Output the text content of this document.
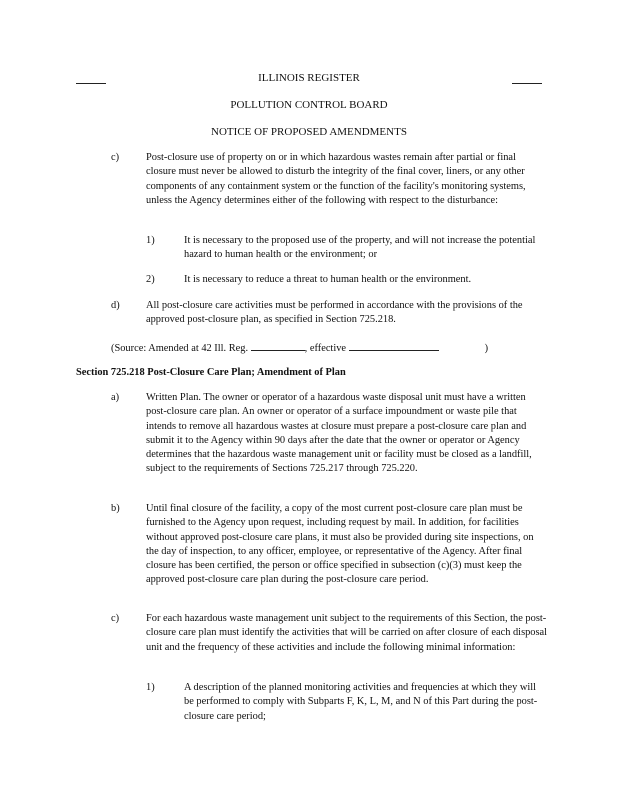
ILLINOIS REGISTER
POLLUTION CONTROL BOARD
NOTICE OF PROPOSED AMENDMENTS
c)	Post-closure use of property on or in which hazardous wastes remain after partial or final closure must never be allowed to disturb the integrity of the final cover, liners, or any other components of any containment system or the function of the facility's monitoring systems, unless the Agency determines either of the following with respect to the disturbance:
1)	It is necessary to the proposed use of the property, and will not increase the potential hazard to human health or the environment; or
2)	It is necessary to reduce a threat to human health or the environment.
d)	All post-closure care activities must be performed in accordance with the provisions of the approved post-closure plan, as specified in Section 725.218.
(Source: Amended at 42 Ill. Reg.	, effective	)
Section 725.218 Post-Closure Care Plan; Amendment of Plan
a)	Written Plan. The owner or operator of a hazardous waste disposal unit must have a written post-closure care plan. An owner or operator of a surface impoundment or waste pile that intends to remove all hazardous wastes at closure must prepare a post-closure care plan and submit it to the Agency within 90 days after the date that the owner or operator or Agency determines that the hazardous waste management unit or facility must be closed as a landfill, subject to the requirements of Sections 725.217 through 725.220.
b)	Until final closure of the facility, a copy of the most current post-closure care plan must be furnished to the Agency upon request, including request by mail. In addition, for facilities without approved post-closure care plans, it must also be provided during site inspections, on the day of inspection, to any officer, employee, or representative of the Agency. After final closure has been certified, the person or office specified in subsection (c)(3) must keep the approved post-closure care plan during the post-closure care period.
c)	For each hazardous waste management unit subject to the requirements of this Section, the post-closure care plan must identify the activities that will be carried on after closure of each disposal unit and the frequency of these activities and include the following minimal information:
1)	A description of the planned monitoring activities and frequencies at which they will be performed to comply with Subparts F, K, L, M, and N of this Part during the post-closure care period;
